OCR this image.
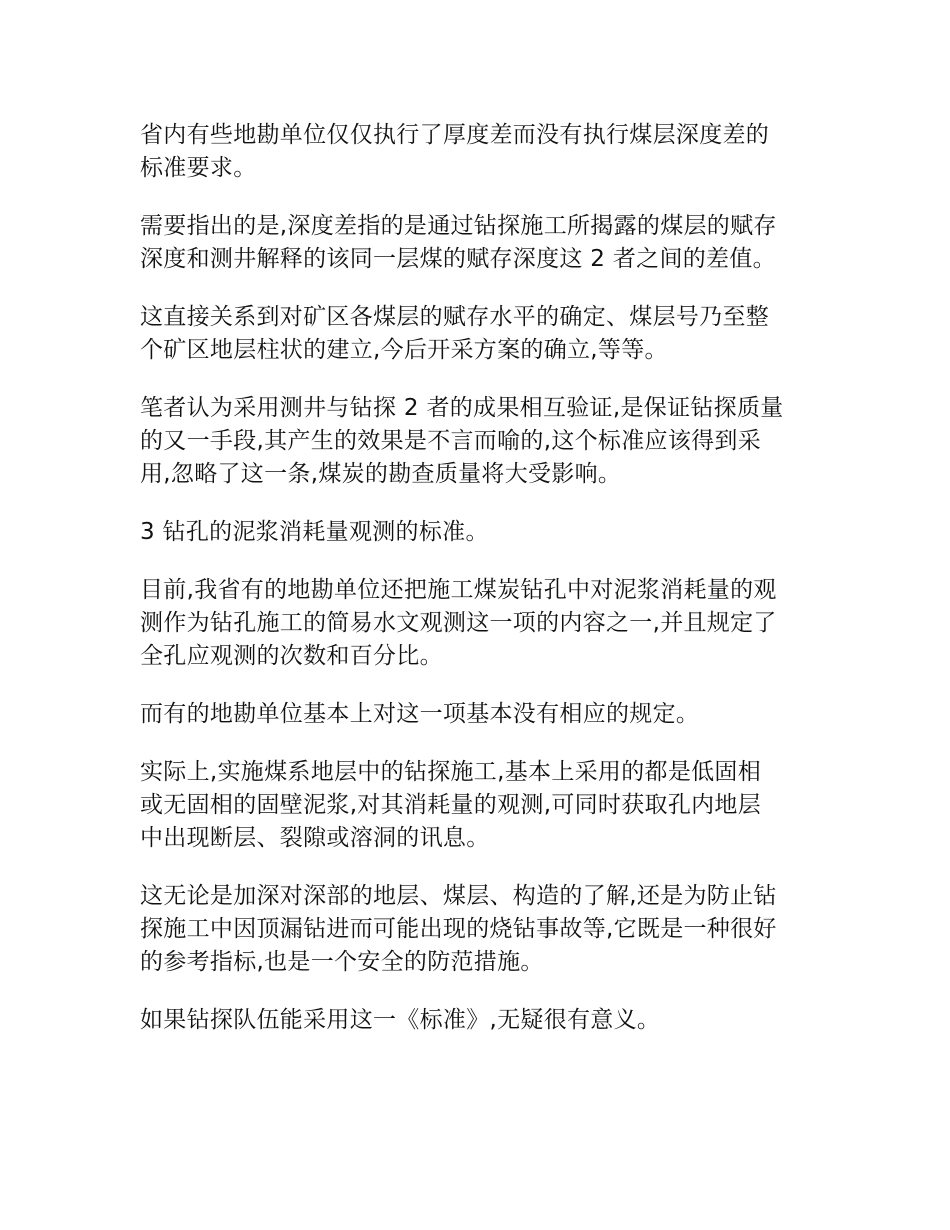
省内有些地勘单位仅仅执行了厚度差而没有执行煤层深度差的
标准要求。

需要指出的是,深度差指的是通过钻探施工所揭露的煤层的赋存
深度和测井解释的该同一层煤的赋存深度这 2 者之间的差值。

这直接关系到对矿区各煤层的赋存水平的确定、煤层号乃至整
个矿区地层柱状的建立,今后开采方案的确立,等等。

笔者认为采用测井与钻探 2 者的成果相互验证,是保证钻探质量
的又一手段,其产生的效果是不言而喻的,这个标准应该得到采
用,忽略了这一条,煤炭的勘查质量将大受影响。

3 钻孔的泥浆消耗量观测的标准。

目前,我省有的地勘单位还把施工煤炭钻孔中对泥浆消耗量的观
测作为钻孔施工的简易水文观测这一项的内容之一,并且规定了
全孔应观测的次数和百分比。

而有的地勘单位基本上对这一项基本没有相应的规定。

实际上,实施煤系地层中的钻探施工,基本上采用的都是低固相
或无固相的固壁泥浆,对其消耗量的观测,可同时获取孔内地层
中出现断层、裂隙或溶洞的讯息。

这无论是加深对深部的地层、煤层、构造的了解,还是为防止钻
探施工中因顶漏钻进而可能出现的烧钻事故等,它既是一种很好
的参考指标,也是一个安全的防范措施。

如果钻探队伍能采用这一《标准》,无疑很有意义。
